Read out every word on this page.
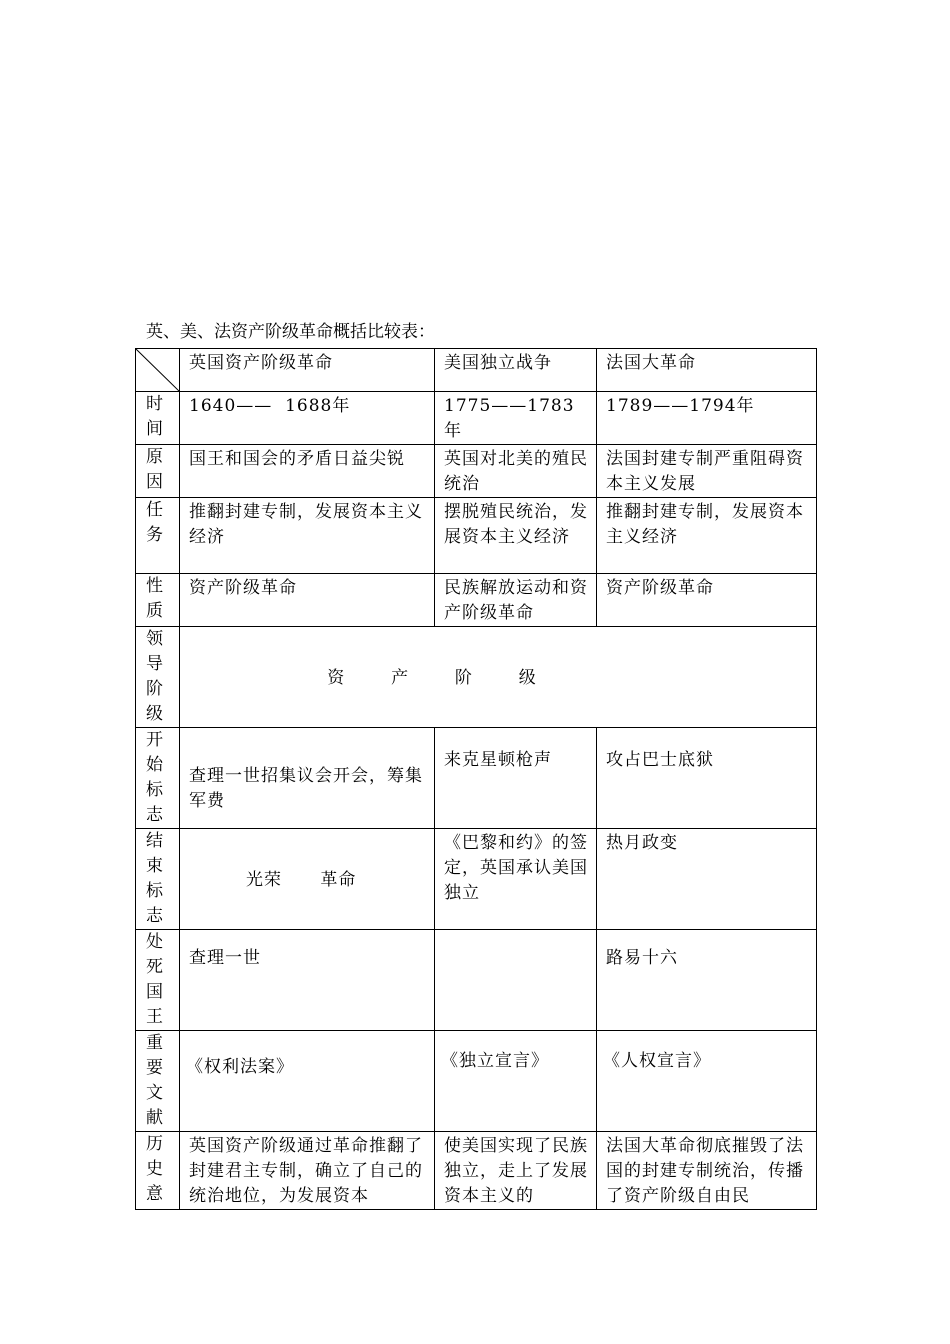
英、美、法资产阶级革命概括比较表：
	英国资产阶级革命	美国独立战争	法国大革命

时
间	1640——  1688年	1775——1783年	1789——1794年

原
因	国王和国会的矛盾日益尖锐	英国对北美的殖民统治	法国封建专制严重阻碍资本主义发展

任
务	推翻封建专制，发展资本主义经济	摆脱殖民统治，发展资本主义经济	推翻封建专制，发展资本主义经济

性
质	资产阶级革命	民族解放运动和资产阶级革命	资产阶级革命

领
导
阶
级	资  产  阶  级		

开
始
标
志	查理一世招集议会开会，筹集军费	来克星顿枪声	攻占巴士底狱

结
束
标
志	光荣      革命	《巴黎和约》的签定，英国承认美国独立	热月政变

处
死
国
王	查理一世		路易十六

重
要
文
献	《权利法案》	《独立宣言》	《人权宣言》

历
史
意	英国资产阶级通过革命推翻了封建君主专制，确立了自己的统治地位，为发展资本	使美国实现了民族独立，走上了发展资本主义的	法国大革命彻底摧毁了法国的封建专制统治，传播了资产阶级自由民
